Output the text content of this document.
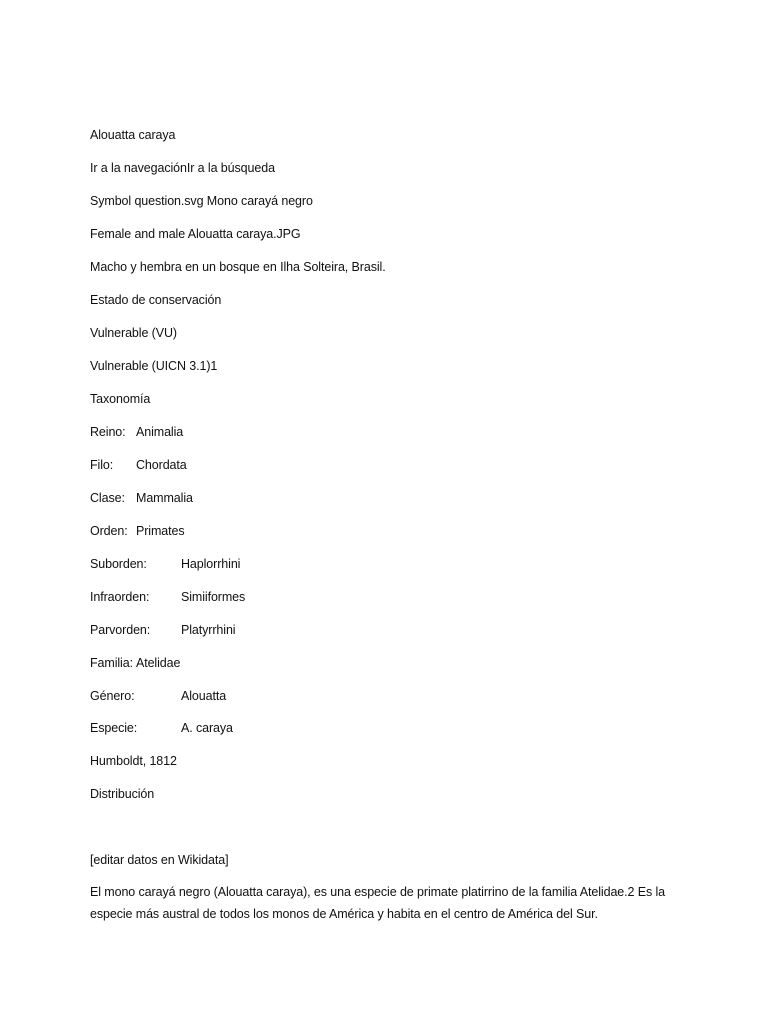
Alouatta caraya
Ir a la navegaciónIr a la búsqueda
Symbol question.svg Mono carayá negro
Female and male Alouatta caraya.JPG
Macho y hembra en un bosque en Ilha Solteira, Brasil.
Estado de conservación
Vulnerable (VU)
Vulnerable (UICN 3.1)1
Taxonomía
Reino: Animalia
Filo: Chordata
Clase: Mammalia
Orden: Primates
Suborden:	Haplorrhini
Infraorden:	Simiiformes
Parvorden: Platyrrhini
Familia: Atelidae
Género:	Alouatta
Especie:	A. caraya
Humboldt, 1812
Distribución
[editar datos en Wikidata]
El mono carayá negro (Alouatta caraya), es una especie de primate platirrino de la familia Atelidae.2 Es la especie más austral de todos los monos de América y habita en el centro de América del Sur.
